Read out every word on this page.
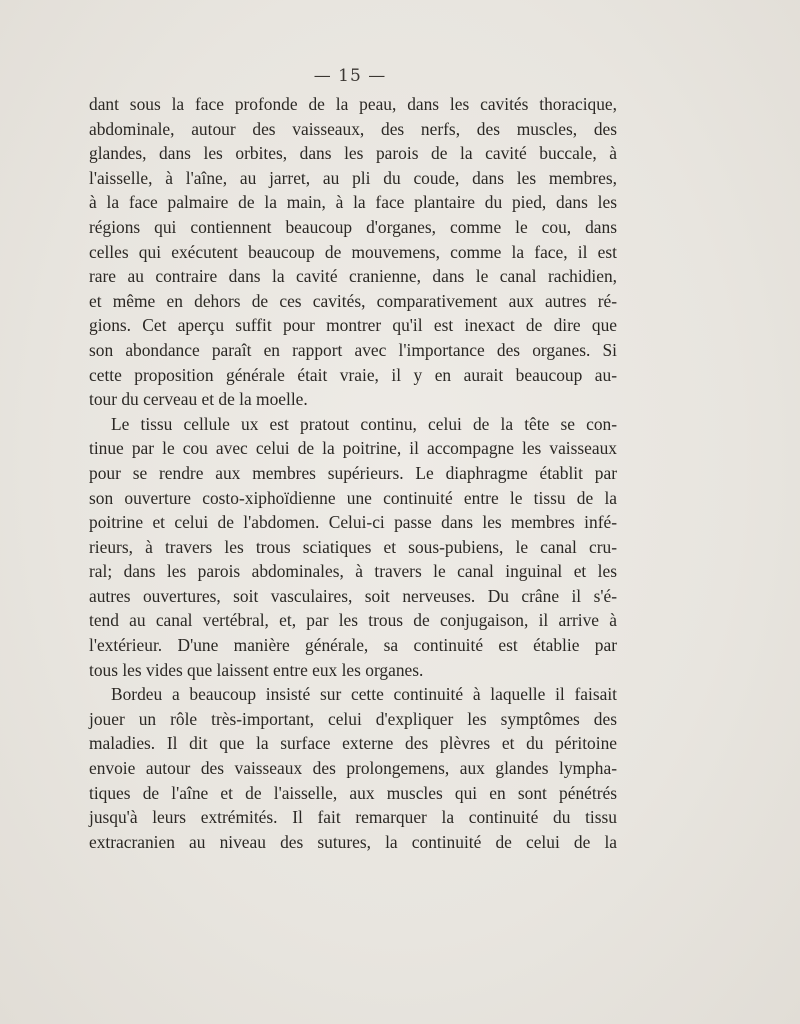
— 15 —
dant sous la face profonde de la peau, dans les cavités thoracique,
abdominale, autour des vaisseaux, des nerfs, des muscles, des
glandes, dans les orbites, dans les parois de la cavité buccale, à
l'aisselle, à l'aîne, au jarret, au pli du coude, dans les membres,
à la face palmaire de la main, à la face plantaire du pied, dans les
régions qui contiennent beaucoup d'organes, comme le cou, dans
celles qui exécutent beaucoup de mouvemens, comme la face, il est
rare au contraire dans la cavité cranienne, dans le canal rachidien,
et même en dehors de ces cavités, comparativement aux autres ré-
gions. Cet aperçu suffit pour montrer qu'il est inexact de dire que
son abondance paraît en rapport avec l'importance des organes. Si
cette proposition générale était vraie, il y en aurait beaucoup au-
tour du cerveau et de la moelle.
Le tissu cellule ux est pratout continu, celui de la tête se con-
tinue par le cou avec celui de la poitrine, il accompagne les vaisseaux
pour se rendre aux membres supérieurs. Le diaphragme établit par
son ouverture costo-xiphoïdienne une continuité entre le tissu de la
poitrine et celui de l'abdomen. Celui-ci passe dans les membres infé-
rieurs, à travers les trous sciatiques et sous-pubiens, le canal cru-
ral; dans les parois abdominales, à travers le canal inguinal et les
autres ouvertures, soit vasculaires, soit nerveuses. Du crâne il s'é-
tend au canal vertébral, et, par les trous de conjugaison, il arrive à
l'extérieur. D'une manière générale, sa continuité est établie par
tous les vides que laissent entre eux les organes.
Bordeu a beaucoup insisté sur cette continuité à laquelle il faisait
jouer un rôle très-important, celui d'expliquer les symptômes des
maladies. Il dit que la surface externe des plèvres et du péritoine
envoie autour des vaisseaux des prolongemens, aux glandes lympha-
tiques de l'aîne et de l'aisselle, aux muscles qui en sont pénétrés
jusqu'à leurs extrémités. Il fait remarquer la continuité du tissu
extracranien au niveau des sutures, la continuité de celui de la
